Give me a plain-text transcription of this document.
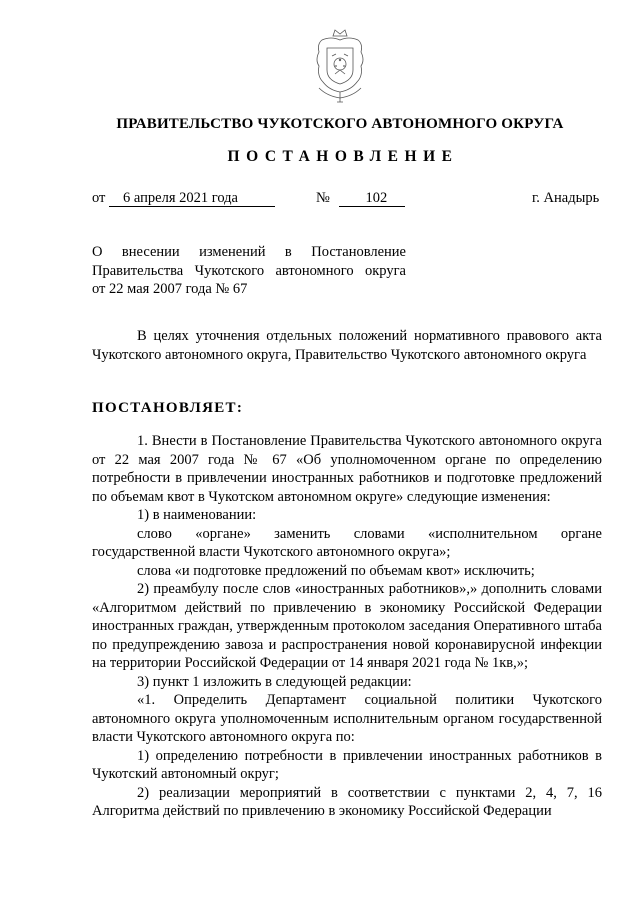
ПРАВИТЕЛЬСТВО ЧУКОТСКОГО АВТОНОМНОГО ОКРУГА
ПОСТАНОВЛЕНИЕ
от 6 апреля 2021 года	№ 102	г. Анадырь
О внесении изменений в Постановление
Правительства Чукотского автономного округа
от 22 мая 2007 года № 67

В целях уточнения отдельных положений нормативного правового акта Чукотского автономного округа, Правительство Чукотского автономного округа

ПОСТАНОВЛЯЕТ:

1. Внести в Постановление Правительства Чукотского автономного округа от 22 мая 2007 года № 67 «Об уполномоченном органе по определению потребности в привлечении иностранных работников и подготовке предложений по объемам квот в Чукотском автономном округе» следующие изменения:

1) в наименовании:

слово «органе» заменить словами «исполнительном органе государственной власти Чукотского автономного округа»;

слова «и подготовке предложений по объемам квот» исключить;

2) преамбулу после слов «иностранных работников»,» дополнить словами «Алгоритмом действий по привлечению в экономику Российской Федерации иностранных граждан, утвержденным протоколом заседания Оперативного штаба по предупреждению завоза и распространения новой коронавирусной инфекции на территории Российской Федерации от 14 января 2021 года № 1кв,»;

3) пункт 1 изложить в следующей редакции:

«1. Определить Департамент социальной политики Чукотского автономного округа уполномоченным исполнительным органом государственной власти Чукотского автономного округа по:

1) определению потребности в привлечении иностранных работников в Чукотский автономный округ;

2) реализации мероприятий в соответствии с пунктами 2, 4, 7, 16 Алгоритма действий по привлечению в экономику Российской Федерации
